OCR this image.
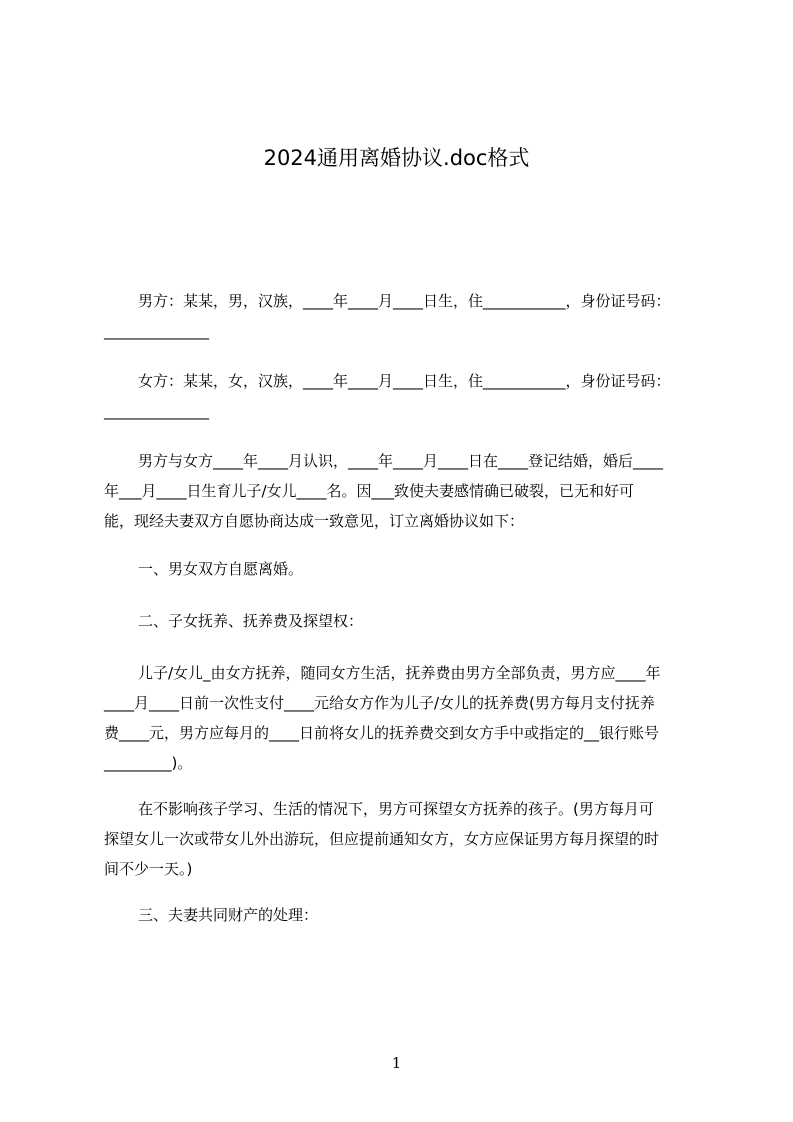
2024通用离婚协议.doc格式
男方：某某，男，汉族，____年____月____日生，住___________，身份证号码：
______________
女方：某某，女，汉族，____年____月____日生，住___________，身份证号码：
______________
男方与女方____年____月认识，____年____月____日在____登记结婚，婚后____
年___月____日生育儿子/女儿____名。因___致使夫妻感情确已破裂，已无和好可
能，现经夫妻双方自愿协商达成一致意见，订立离婚协议如下：
一、男女双方自愿离婚。
二、子女抚养、抚养费及探望权：
儿子/女儿_由女方抚养，随同女方生活，抚养费由男方全部负责，男方应____年
____月____日前一次性支付____元给女方作为儿子/女儿的抚养费(男方每月支付抚养
费____元，男方应每月的____日前将女儿的抚养费交到女方手中或指定的__银行账号
_________)。
在不影响孩子学习、生活的情况下，男方可探望女方抚养的孩子。(男方每月可
探望女儿一次或带女儿外出游玩，但应提前通知女方，女方应保证男方每月探望的时
间不少一天。)
三、夫妻共同财产的处理：
1
